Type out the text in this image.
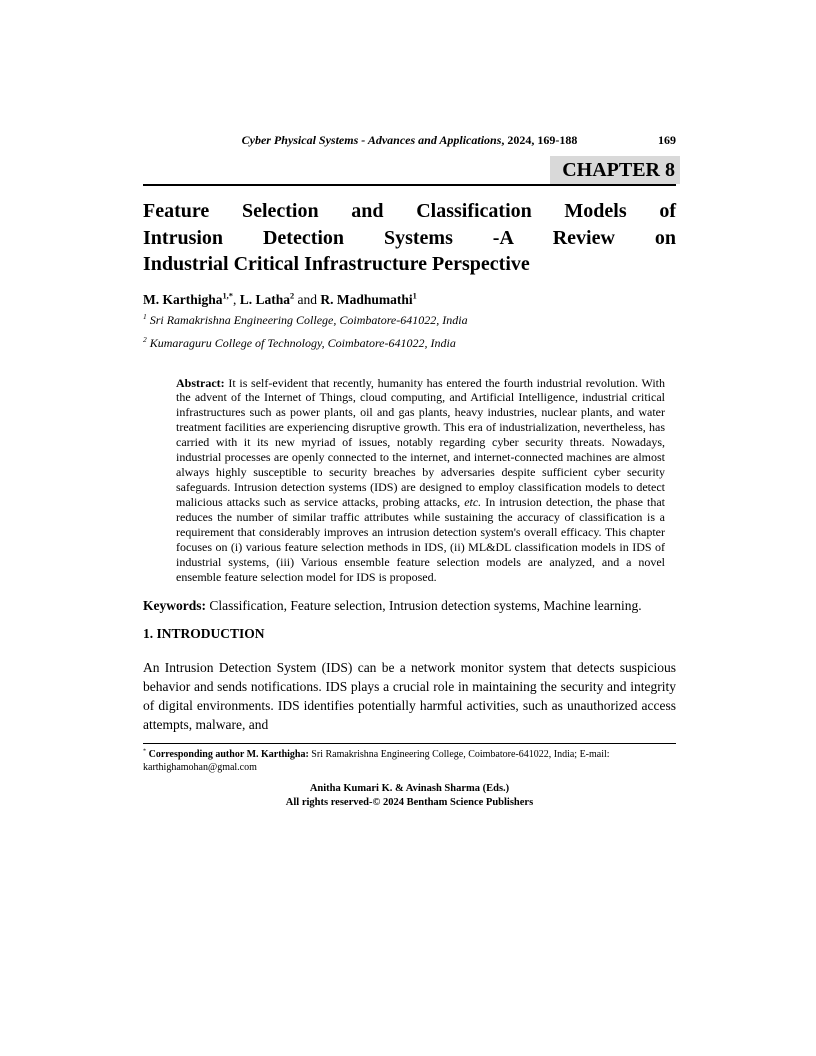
Cyber Physical Systems - Advances and Applications, 2024, 169-188	169
CHAPTER 8
Feature Selection and Classification Models of
Intrusion Detection Systems -A Review on
Industrial Critical Infrastructure Perspective

M. Karthigha$^{1,*}$, L. Latha$^2$ and R. Madhumathi$^1$

$^1$ Sri Ramakrishna Engineering College, Coimbatore-641022, India

$^2$ Kumaraguru College of Technology, Coimbatore-641022, India

Abstract: It is self-evident that recently, humanity has entered the fourth industrial revolution. With the advent of the Internet of Things, cloud computing, and Artificial Intelligence, industrial critical infrastructures such as power plants, oil and gas plants, heavy industries, nuclear plants, and water treatment facilities are experiencing disruptive growth. This era of industrialization, nevertheless, has carried with it its new myriad of issues, notably regarding cyber security threats. Nowadays, industrial processes are openly connected to the internet, and internet-connected machines are almost always highly susceptible to security breaches by adversaries despite sufficient cyber security safeguards. Intrusion detection systems (IDS) are designed to employ classification models to detect malicious attacks such as service attacks, probing attacks, etc. In intrusion detection, the phase that reduces the number of similar traffic attributes while sustaining the accuracy of classification is a requirement that considerably improves an intrusion detection system's overall efficacy. This chapter focuses on (i) various feature selection methods in IDS, (ii) ML&DL classification models in IDS of industrial systems, (iii) Various ensemble feature selection models are analyzed, and a novel ensemble feature selection model for IDS is proposed.

Keywords: Classification, Feature selection, Intrusion detection systems, Machine learning.

1. INTRODUCTION

An Intrusion Detection System (IDS) can be a network monitor system that detects suspicious behavior and sends notifications. IDS plays a crucial role in maintaining the security and integrity of digital environments. IDS identifies potentially harmful activities, such as unauthorized access attempts, malware, and

* Corresponding author M. Karthigha: Sri Ramakrishna Engineering College, Coimbatore-641022, India; E-mail: karthighamohan@gmal.com

Anitha Kumari K. & Avinash Sharma (Eds.)
All rights reserved-© 2024 Bentham Science Publishers
